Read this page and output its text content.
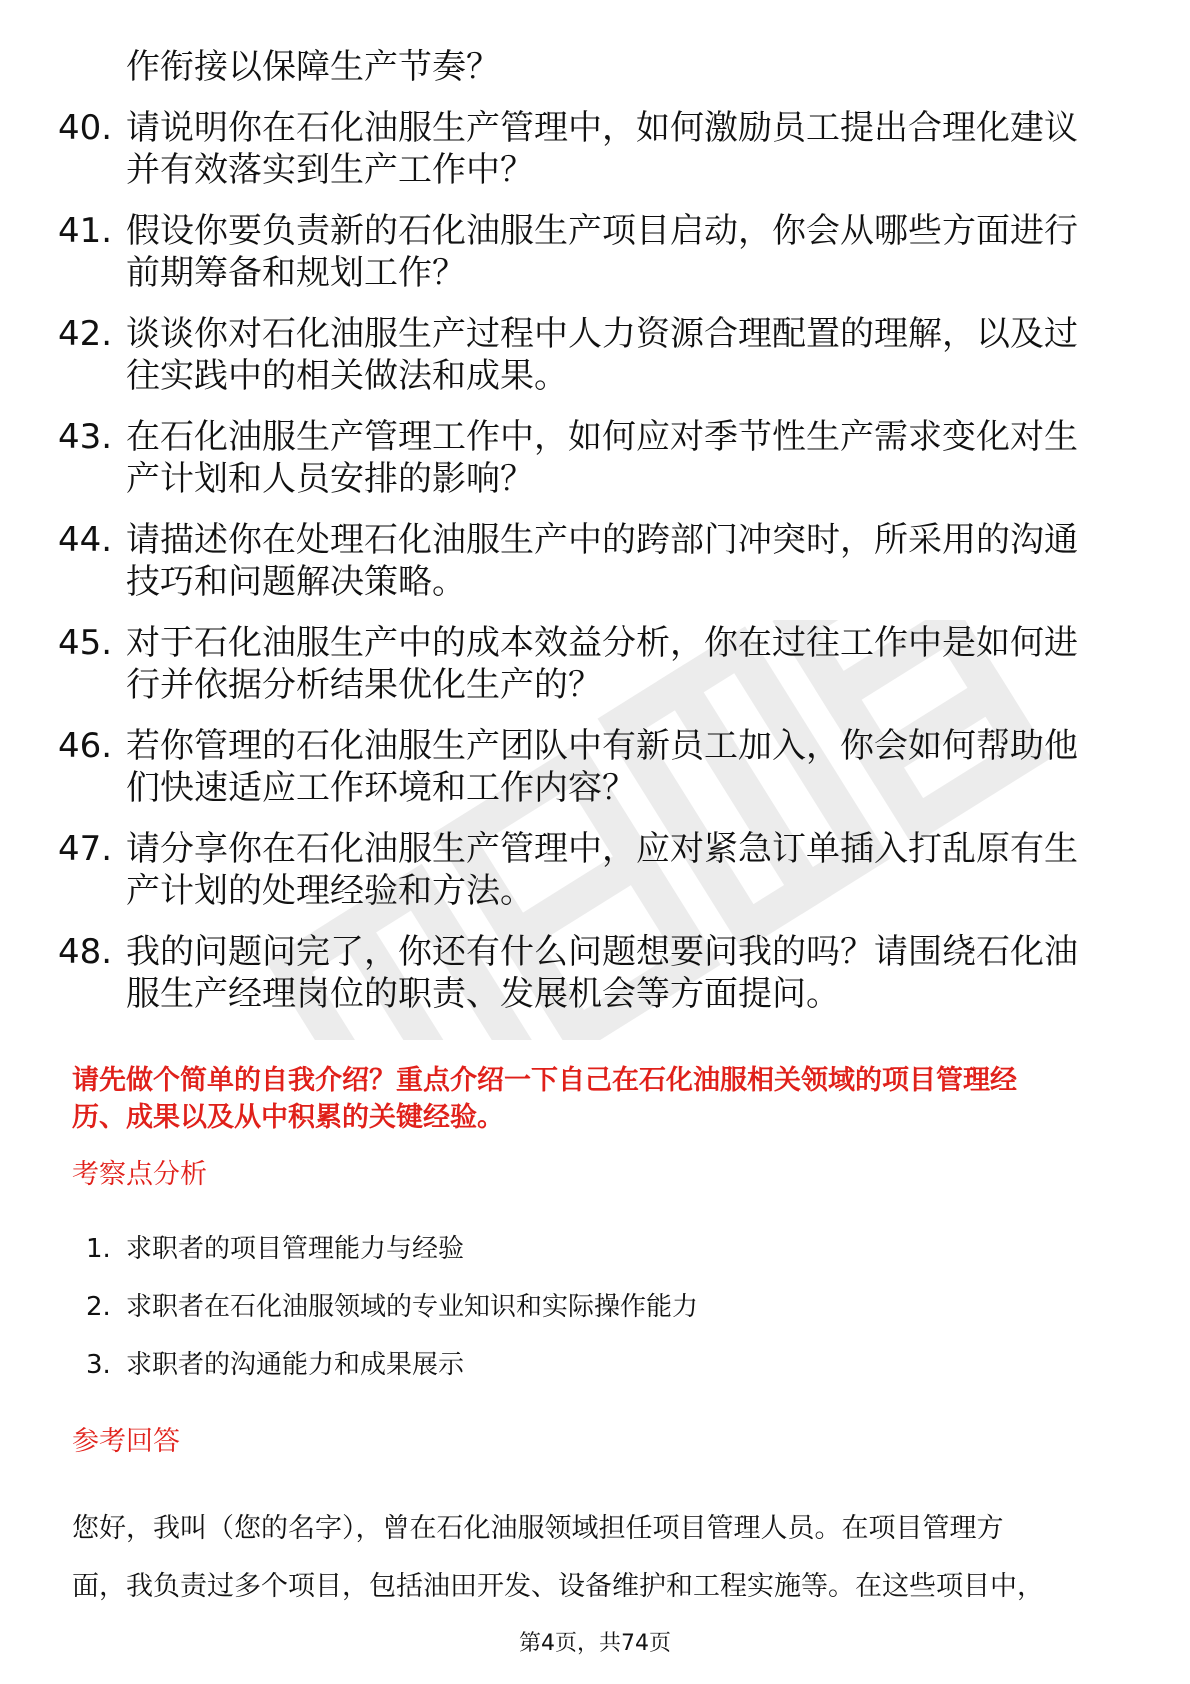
作衔接以保障生产节奏？
40. 请说明你在石化油服生产管理中，如何激励员工提出合理化建议
并有效落实到生产工作中？
41. 假设你要负责新的石化油服生产项目启动，你会从哪些方面进行
前期筹备和规划工作？
42. 谈谈你对石化油服生产过程中人力资源合理配置的理解，以及过
往实践中的相关做法和成果。
43. 在石化油服生产管理工作中，如何应对季节性生产需求变化对生
产计划和人员安排的影响？
44. 请描述你在处理石化油服生产中的跨部门冲突时，所采用的沟通
技巧和问题解决策略。
45. 对于石化油服生产中的成本效益分析，你在过往工作中是如何进
行并依据分析结果优化生产的？
46. 若你管理的石化油服生产团队中有新员工加入，你会如何帮助他
们快速适应工作环境和工作内容？
47. 请分享你在石化油服生产管理中，应对紧急订单插入打乱原有生
产计划的处理经验和方法。
48. 我的问题问完了，你还有什么问题想要问我的吗？请围绕石化油
服生产经理岗位的职责、发展机会等方面提问。

请先做个简单的自我介绍？重点介绍一下自己在石化油服相关领域的项目管理经
历、成果以及从中积累的关键经验。

考察点分析
1. 求职者的项目管理能力与经验
2. 求职者在石化油服领域的专业知识和实际操作能力
3. 求职者的沟通能力和成果展示
参考回答

您好，我叫（您的名字），曾在石化油服领域担任项目管理人员。在项目管理方
面，我负责过多个项目，包括油田开发、设备维护和工程实施等。在这些项目中，

第4页，共74页
